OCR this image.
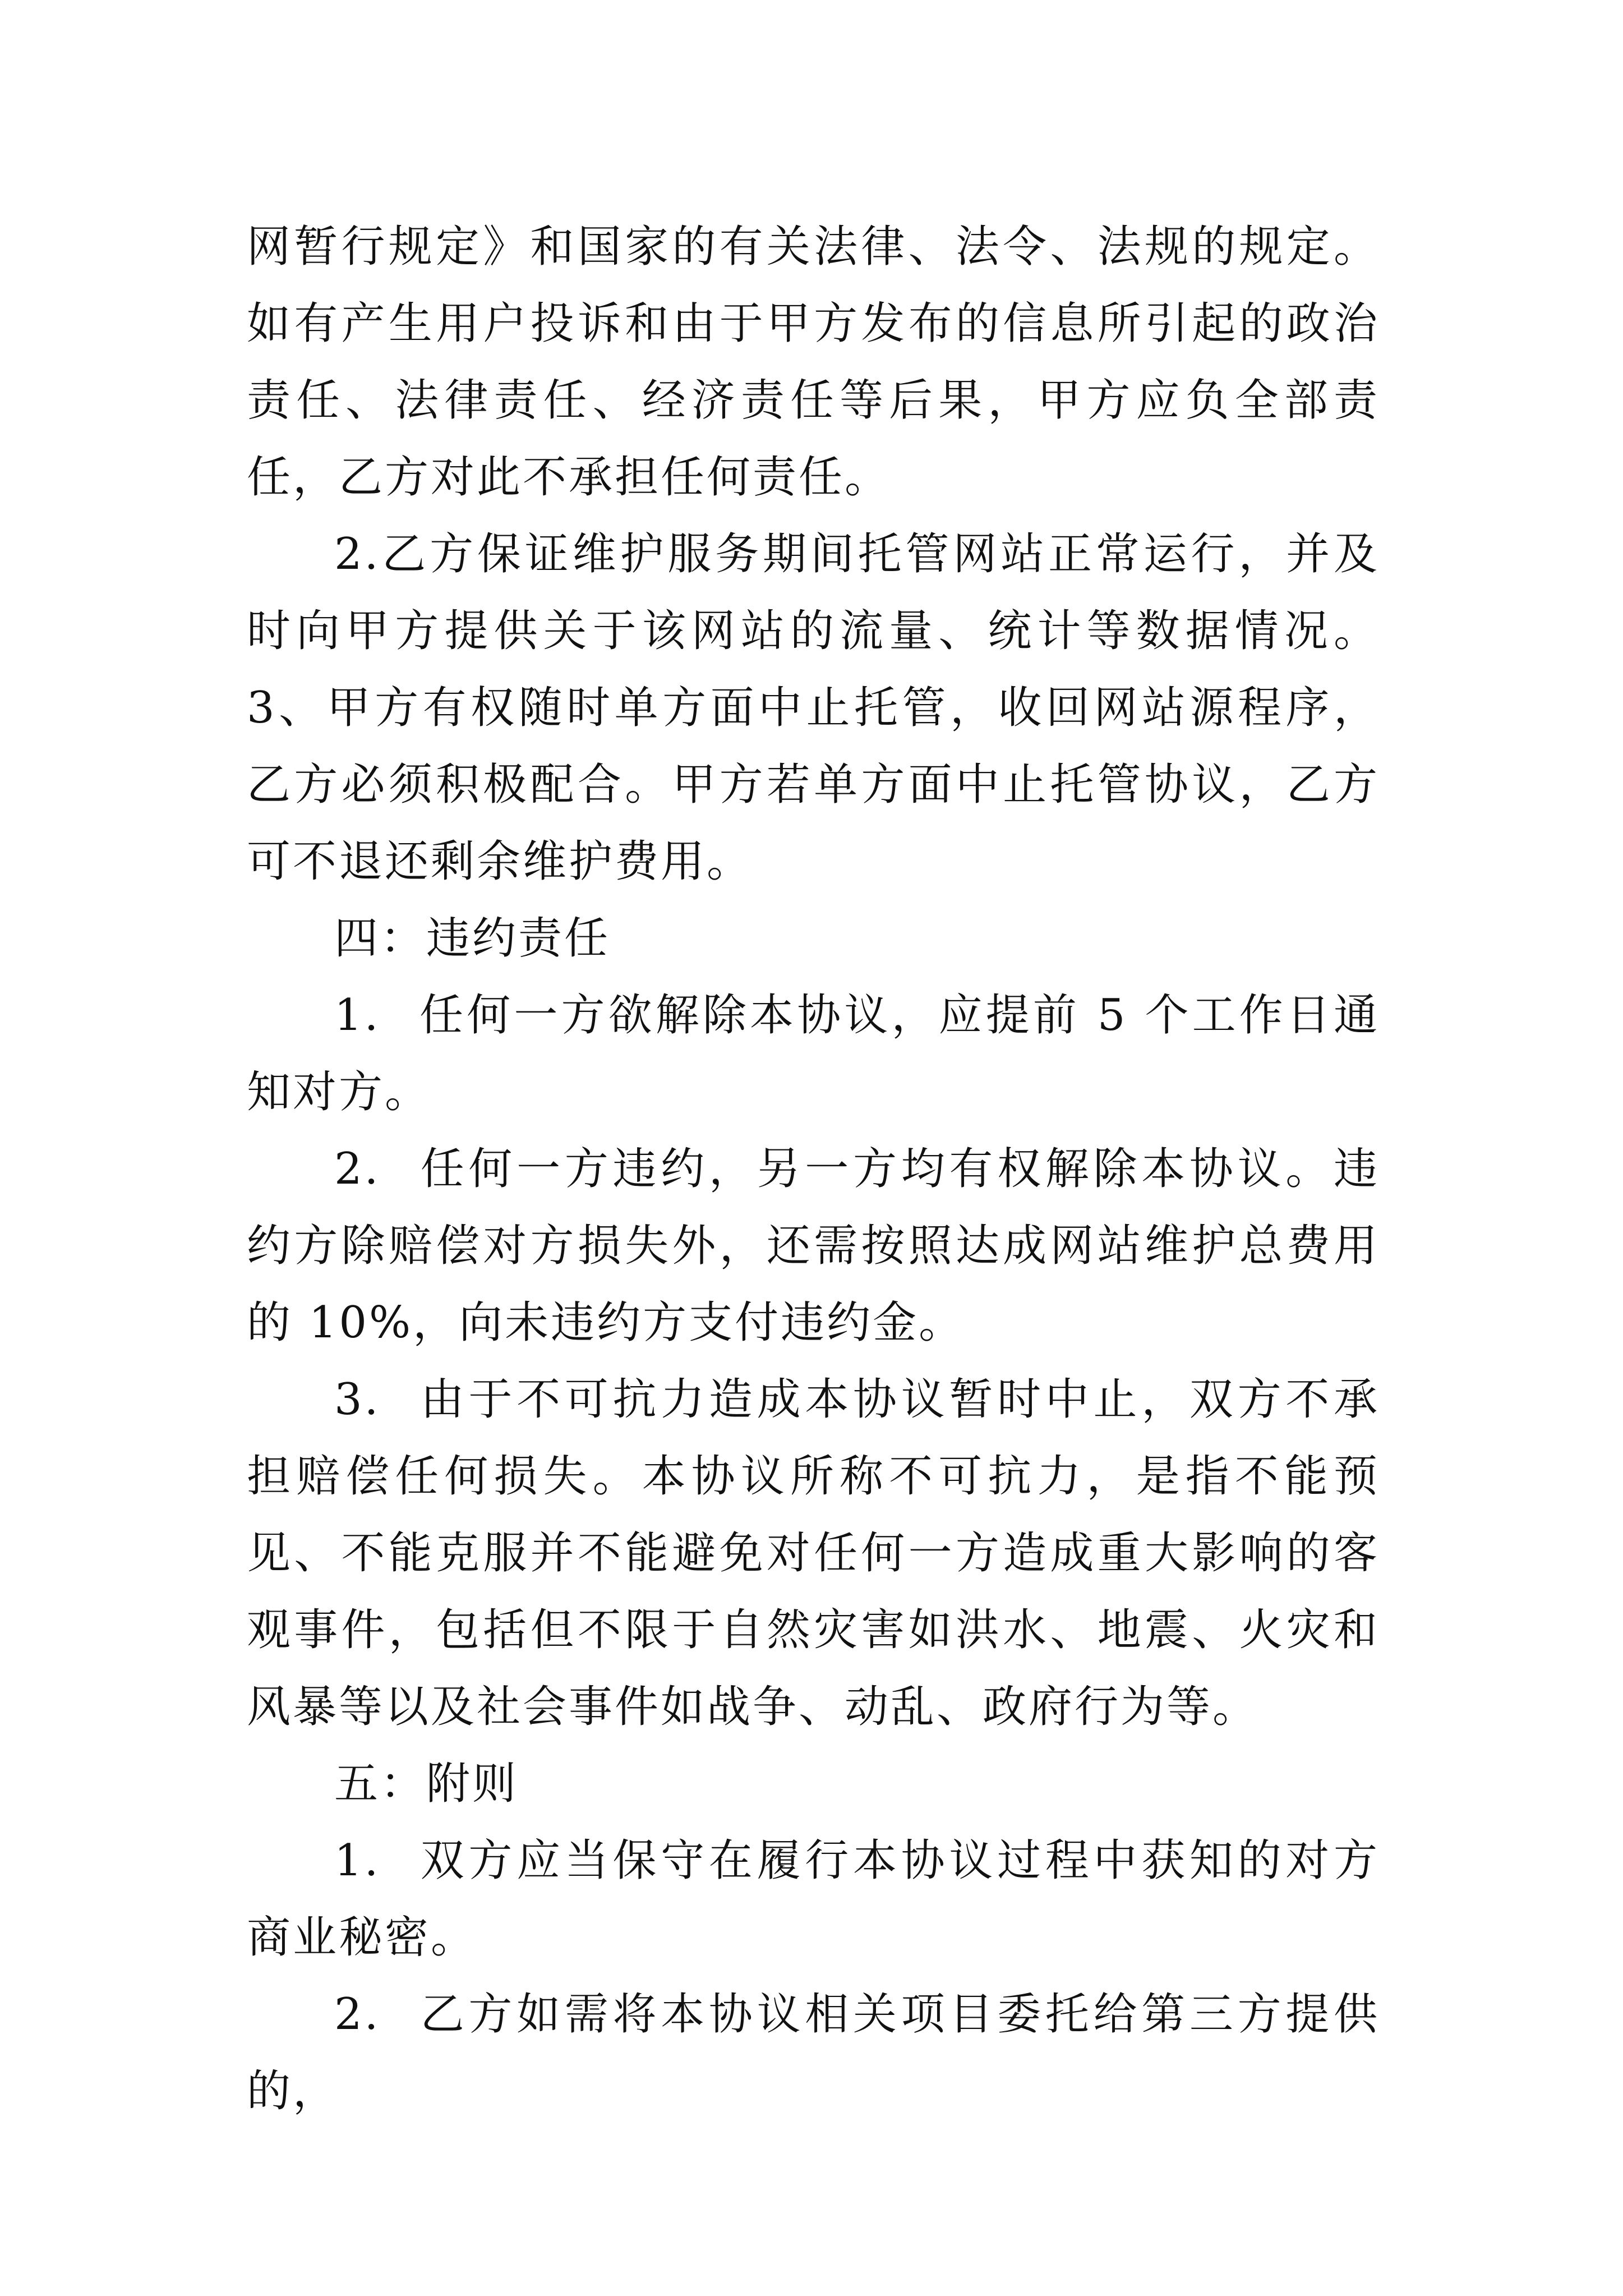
网暂行规定》和国家的有关法律、法令、法规的规定。如有产生用户投诉和由于甲方发布的信息所引起的政治责任、法律责任、经济责任等后果，甲方应负全部责任，乙方对此不承担任何责任。

2.乙方保证维护服务期间托管网站正常运行，并及时向甲方提供关于该网站的流量、统计等数据情况。 3、甲方有权随时单方面中止托管，收回网站源程序，乙方必须积极配合。甲方若单方面中止托管协议，乙方可不退还剩余维护费用。

四：违约责任

1. 任何一方欲解除本协议，应提前 5 个工作日通知对方。

2. 任何一方违约，另一方均有权解除本协议。违约方除赔偿对方损失外，还需按照达成网站维护总费用的 10%，向未违约方支付违约金。

3. 由于不可抗力造成本协议暂时中止，双方不承担赔偿任何损失。本协议所称不可抗力，是指不能预见、不能克服并不能避免对任何一方造成重大影响的客观事件，包括但不限于自然灾害如洪水、地震、火灾和风暴等以及社会事件如战争、动乱、政府行为等。

五：附则

1. 双方应当保守在履行本协议过程中获知的对方商业秘密。

2. 乙方如需将本协议相关项目委托给第三方提供的，
